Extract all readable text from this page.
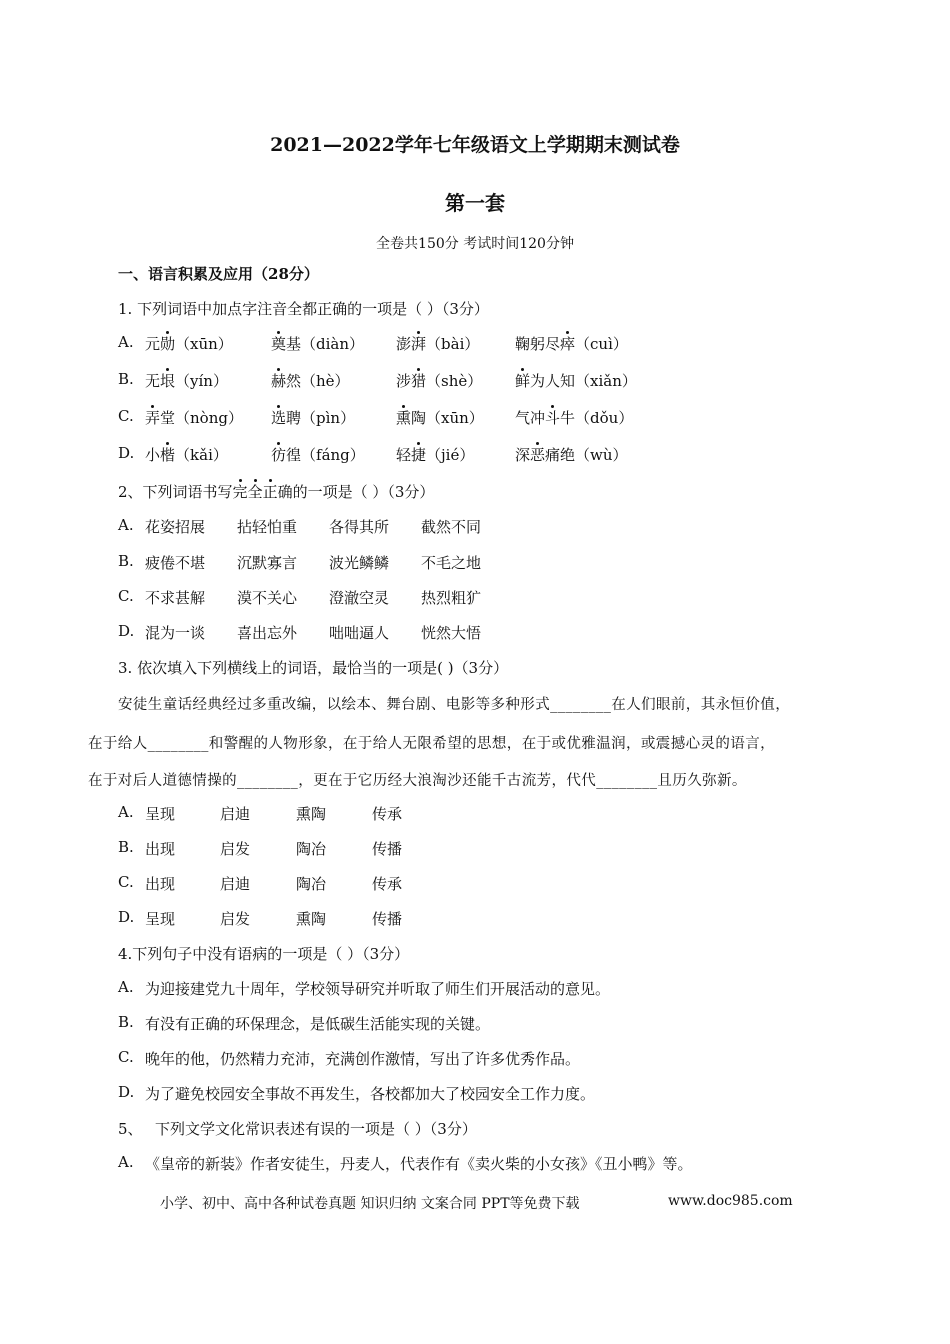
2021—2022学年七年级语文上学期期末测试卷
第一套
全卷共150分 考试时间120分钟
一、语言积累及应用（28分）
1. 下列词语中加点字注音全都正确的一项是（ ）（3分）
A. 元勋（xūn）	奠基（diàn） 澎湃（bài） 鞠躬尽瘁（cuì）
B. 无垠（yín）	赫然（hè）	涉猎（shè） 鲜为人知（xiǎn）
C. 弄堂（nòng） 选聘（pìn）	熏陶（xūn） 气冲斗牛（dǒu）
D. 小楷（kǎi）	彷徨（fáng） 轻捷（jié）	深恶痛绝（wù）
2、下列词语书写完全正确的一项是（ ）（3分）
A. 花姿招展 拈轻怕重 各得其所 截然不同
B. 疲倦不堪 沉默寡言 波光鳞鳞 不毛之地
C. 不求甚解 漠不关心 澄澈空灵 热烈粗犷
D. 混为一谈 喜出忘外 咄咄逼人 恍然大悟
3. 依次填入下列横线上的词语，最恰当的一项是( )（3分）
安徒生童话经典经过多重改编，以绘本、舞台剧、电影等多种形式________在人们眼前，其永恒价值，
在于给人________和警醒的人物形象，在于给人无限希望的思想，在于或优雅温润，或震撼心灵的语言，
在于对后人道德情操的________，更在于它历经大浪淘沙还能千古流芳，代代________且历久弥新。
A. 呈现	启迪	熏陶	传承
B. 出现	启发	陶冶	传播
C. 出现	启迪	陶冶	传承
D. 呈现	启发	熏陶	传播
4.下列句子中没有语病的一项是（ ）（3分）
A. 为迎接建党九十周年，学校领导研究并听取了师生们开展活动的意见。
B. 有没有正确的环保理念，是低碳生活能实现的关键。
C. 晚年的他，仍然精力充沛，充满创作激情，写出了许多优秀作品。
D. 为了避免校园安全事故不再发生，各校都加大了校园安全工作力度。
5、 下列文学文化常识表述有误的一项是（ ）（3分）
A. 《皇帝的新装》作者安徒生，丹麦人，代表作有《卖火柴的小女孩》《丑小鸭》等。
小学、初中、高中各种试卷真题 知识归纳 文案合同 PPT等免费下载	www.doc985.com
